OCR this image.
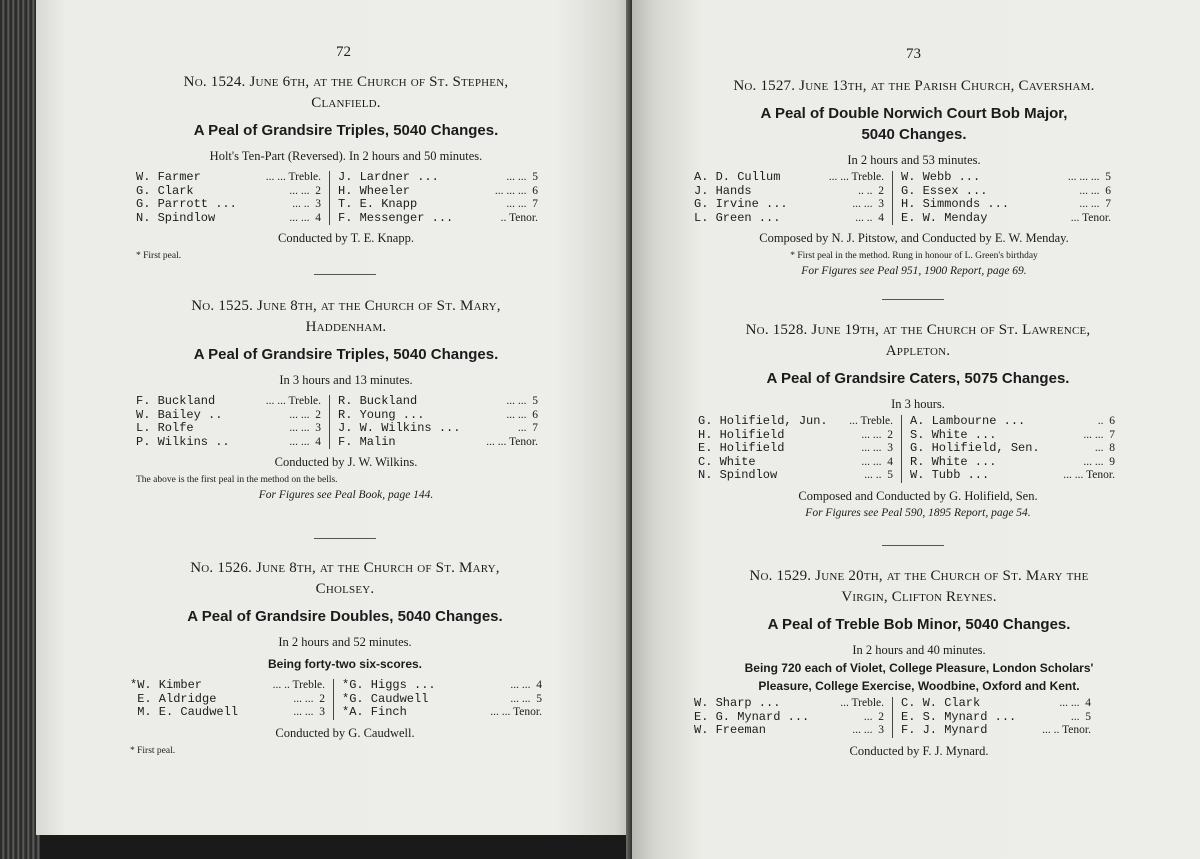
72
No. 1524. June 6th, at the Church of St. Stephen,
Clanfield.
A Peal of Grandsire Triples, 5040 Changes.
Holt's Ten-Part (Reversed). In 2 hours and 50 minutes.
W. Farmer	... ... Treble.
G. Clark	... ...  2
G. Parrott ...	... ..  3
N. Spindlow	... ...  4
J. Lardner ...	... ...  5
H. Wheeler	... ... ...  6
T. E. Knapp	... ...  7
F. Messenger ...	.. Tenor.
Conducted by T. E. Knapp.
* First peal.
No. 1525. June 8th, at the Church of St. Mary,
Haddenham.
A Peal of Grandsire Triples, 5040 Changes.
In 3 hours and 13 minutes.
F. Buckland	... ... Treble.
W. Bailey ..	... ...  2
L. Rolfe	... ...  3
P. Wilkins ..	... ...  4
R. Buckland	... ...  5
R. Young ...	... ...  6
J. W. Wilkins ...	...  7
F. Malin	... ... Tenor.
Conducted by J. W. Wilkins.
The above is the first peal in the method on the bells.
For Figures see Peal Book, page 144.
No. 1526. June 8th, at the Church of St. Mary,
Cholsey.
A Peal of Grandsire Doubles, 5040 Changes.
In 2 hours and 52 minutes.
Being forty-two six-scores.
*W. Kimber	... .. Treble.
E. Aldridge	... ...  2
M. E. Caudwell	... ...  3
*G. Higgs ...	... ...  4
*G. Caudwell	... ...  5
*A. Finch	... ... Tenor.
Conducted by G. Caudwell.
* First peal.
73
No. 1527. June 13th, at the Parish Church, Caversham.
A Peal of Double Norwich Court Bob Major,
5040 Changes.
In 2 hours and 53 minutes.
A. D. Cullum	... ... Treble.
J. Hands	.. ..  2
G. Irvine ...	... ...  3
L. Green ...	... ..  4
W. Webb ...	... ... ...  5
G. Essex ...	... ...  6
H. Simmonds ...	... ...  7
E. W. Menday	... Tenor.
Composed by N. J. Pitstow, and Conducted by E. W. Menday.
* First peal in the method. Rung in honour of L. Green's birthday
For Figures see Peal 951, 1900 Report, page 69.
No. 1528. June 19th, at the Church of St. Lawrence,
Appleton.
A Peal of Grandsire Caters, 5075 Changes.
In 3 hours.
G. Holifield, Jun.	... Treble.
H. Holifield	... ...  2
E. Holifield	... ...  3
C. White	... ...  4
N. Spindlow	... ..  5
A. Lambourne ...	..  6
S. White ...	... ...  7
G. Holifield, Sen.	...  8
R. White ...	... ...  9
W. Tubb ...	... ... Tenor.
Composed and Conducted by G. Holifield, Sen.
For Figures see Peal 590, 1895 Report, page 54.
No. 1529. June 20th, at the Church of St. Mary the
Virgin, Clifton Reynes.
A Peal of Treble Bob Minor, 5040 Changes.
In 2 hours and 40 minutes.
Being 720 each of Violet, College Pleasure, London Scholars'
Pleasure, College Exercise, Woodbine, Oxford and Kent.
W. Sharp ...	... Treble.
E. G. Mynard ...	...  2
W. Freeman	... ...  3
C. W. Clark	... ...  4
E. S. Mynard ...	...  5
F. J. Mynard	... .. Tenor.
Conducted by F. J. Mynard.
